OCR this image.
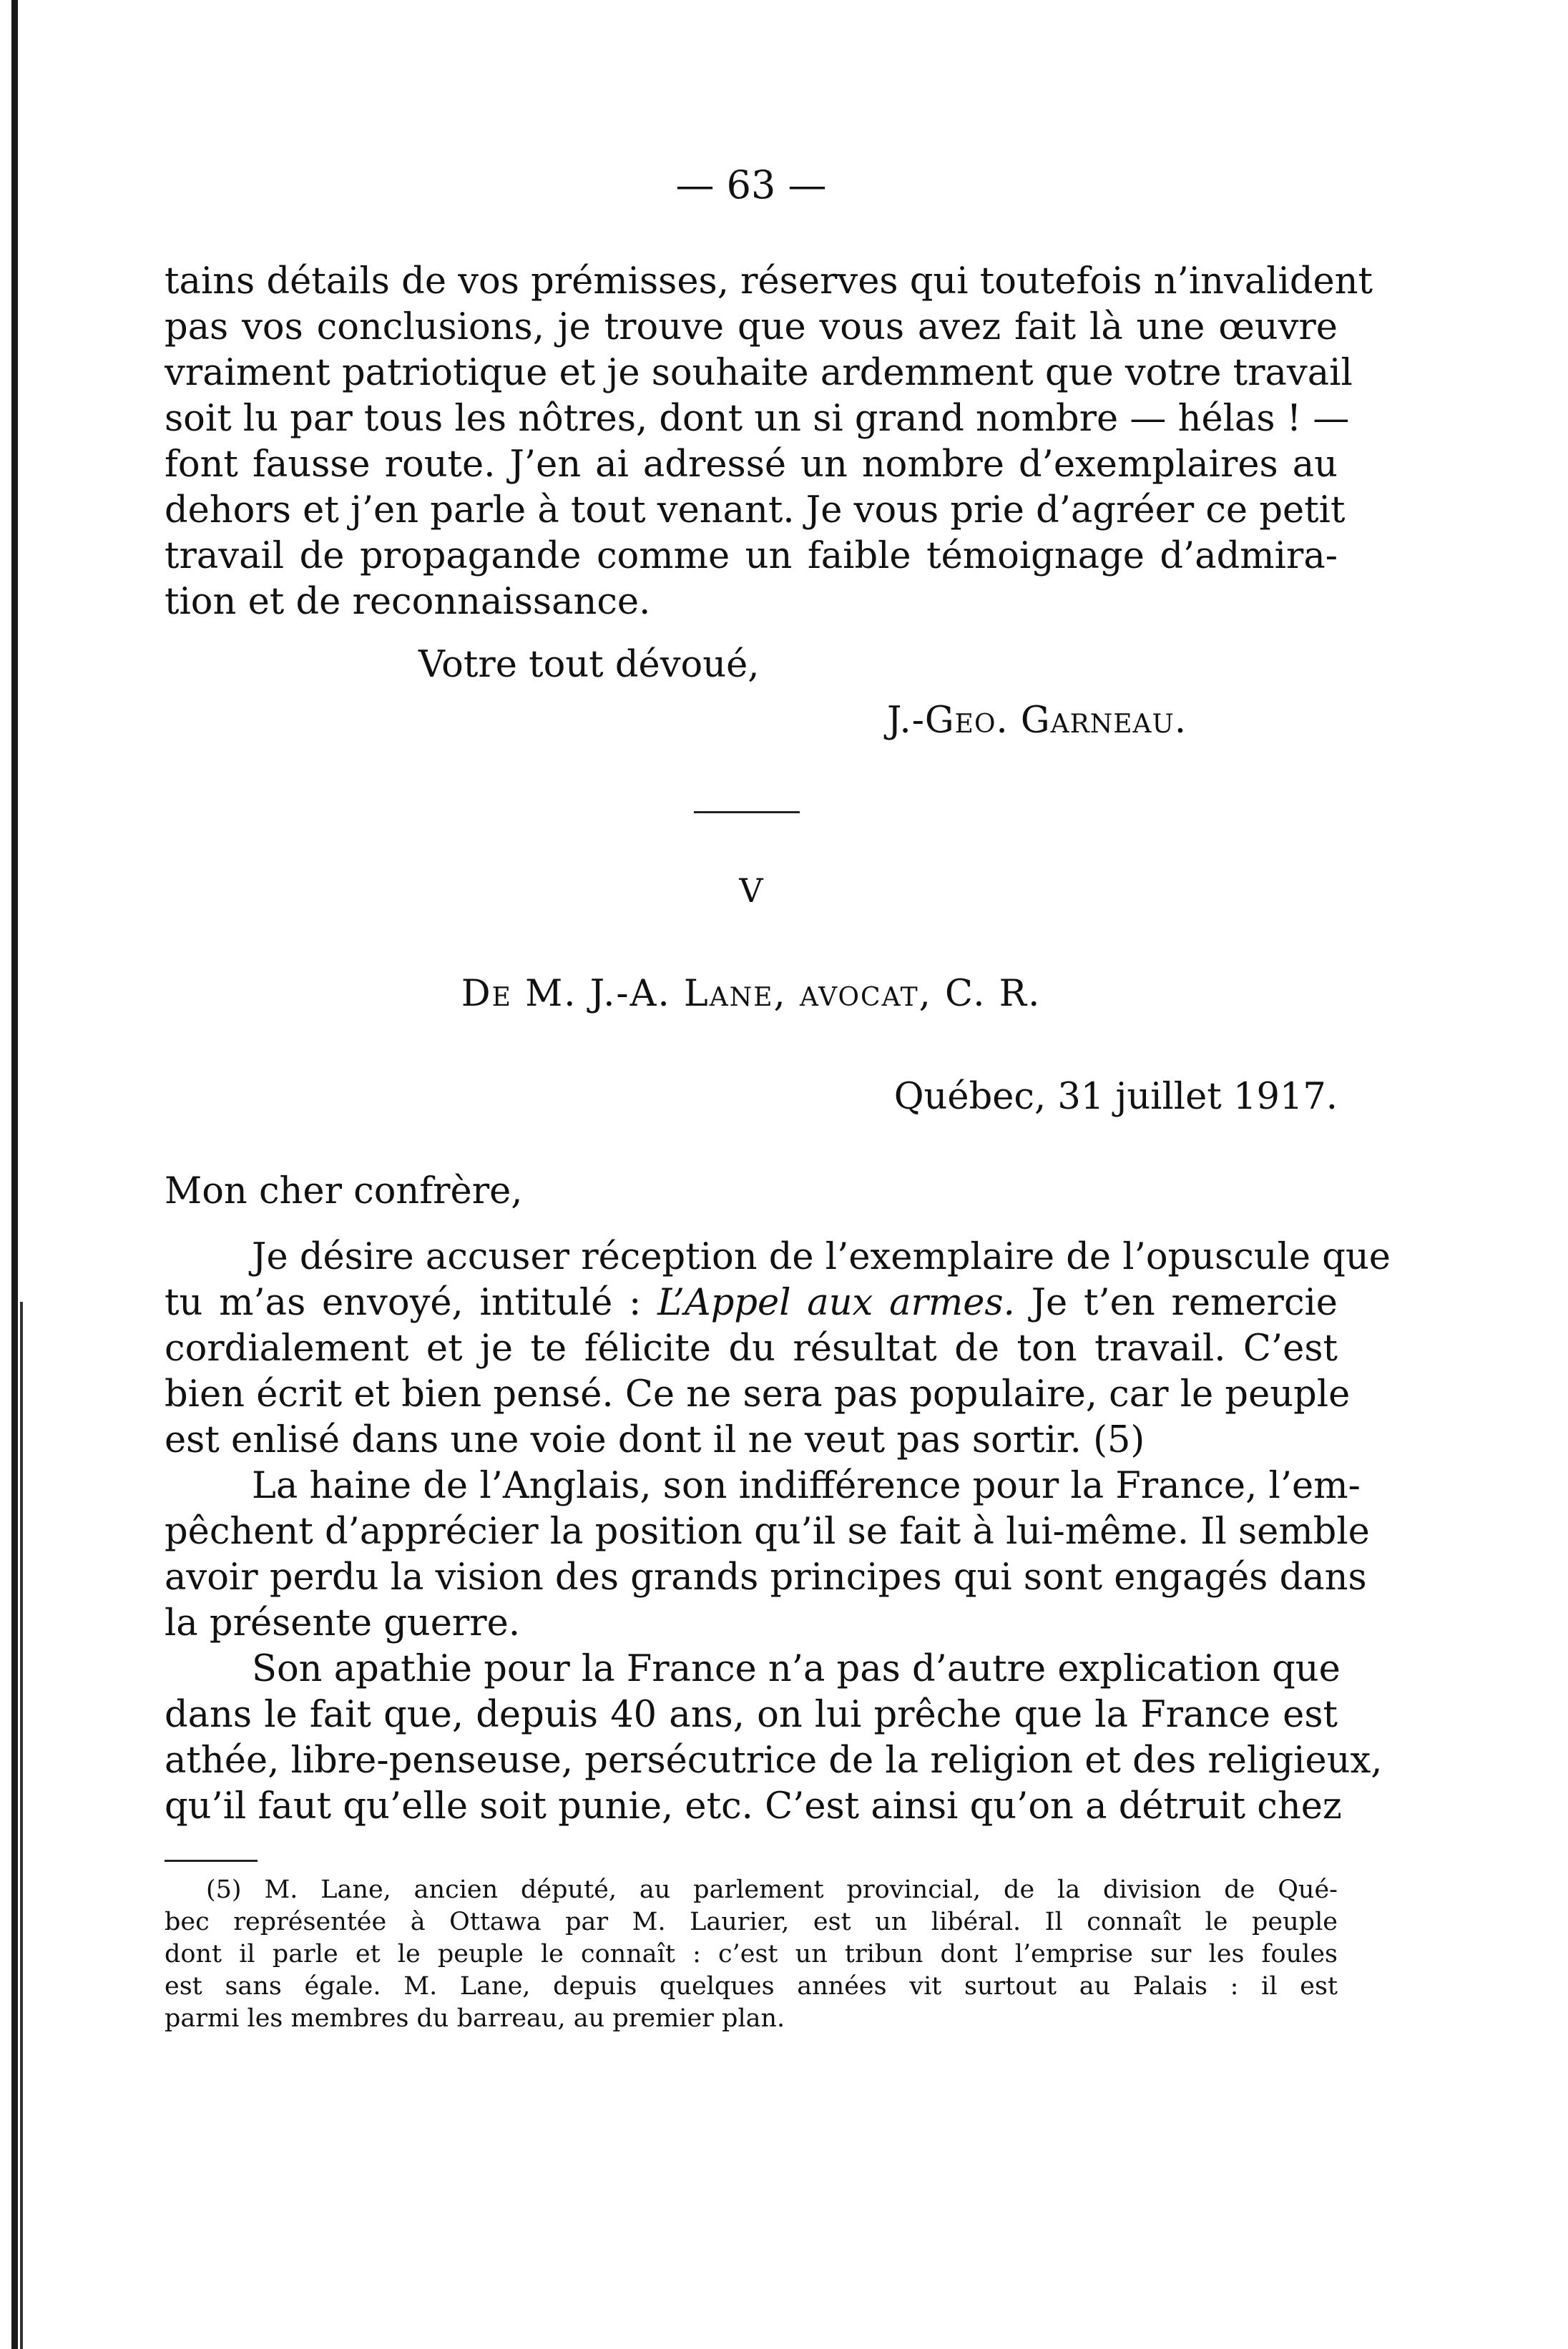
— 63 —
tains détails de vos prémisses, réserves qui toutefois n’invalident
pas vos conclusions, je trouve que vous avez fait là une œuvre
vraiment patriotique et je souhaite ardemment que votre travail
soit lu par tous les nôtres, dont un si grand nombre — hélas ! —
font fausse route. J’en ai adressé un nombre d’exemplaires au
dehors et j’en parle à tout venant. Je vous prie d’agréer ce petit
travail de propagande comme un faible témoignage d’admira-
tion et de reconnaissance.
Votre tout dévoué,
J.-Geo. Garneau.
V
De M. J.-A. Lane, avocat, C. R.
Québec, 31 juillet 1917.
Mon cher confrère,
Je désire accuser réception de l’exemplaire de l’opuscule que
tu m’as envoyé, intitulé : L’Appel aux armes. Je t’en remercie
cordialement et je te félicite du résultat de ton travail. C’est
bien écrit et bien pensé. Ce ne sera pas populaire, car le peuple
est enlisé dans une voie dont il ne veut pas sortir. (5)
La haine de l’Anglais, son indifférence pour la France, l’em-
pêchent d’apprécier la position qu’il se fait à lui-même. Il semble
avoir perdu la vision des grands principes qui sont engagés dans
la présente guerre.
Son apathie pour la France n’a pas d’autre explication que
dans le fait que, depuis 40 ans, on lui prêche que la France est
athée, libre-penseuse, persécutrice de la religion et des religieux,
qu’il faut qu’elle soit punie, etc. C’est ainsi qu’on a détruit chez
(5) M. Lane, ancien député, au parlement provincial, de la division de Qué-
bec représentée à Ottawa par M. Laurier, est un libéral. Il connaît le peuple
dont il parle et le peuple le connaît : c’est un tribun dont l’emprise sur les foules
est sans égale. M. Lane, depuis quelques années vit surtout au Palais : il est
parmi les membres du barreau, au premier plan.
